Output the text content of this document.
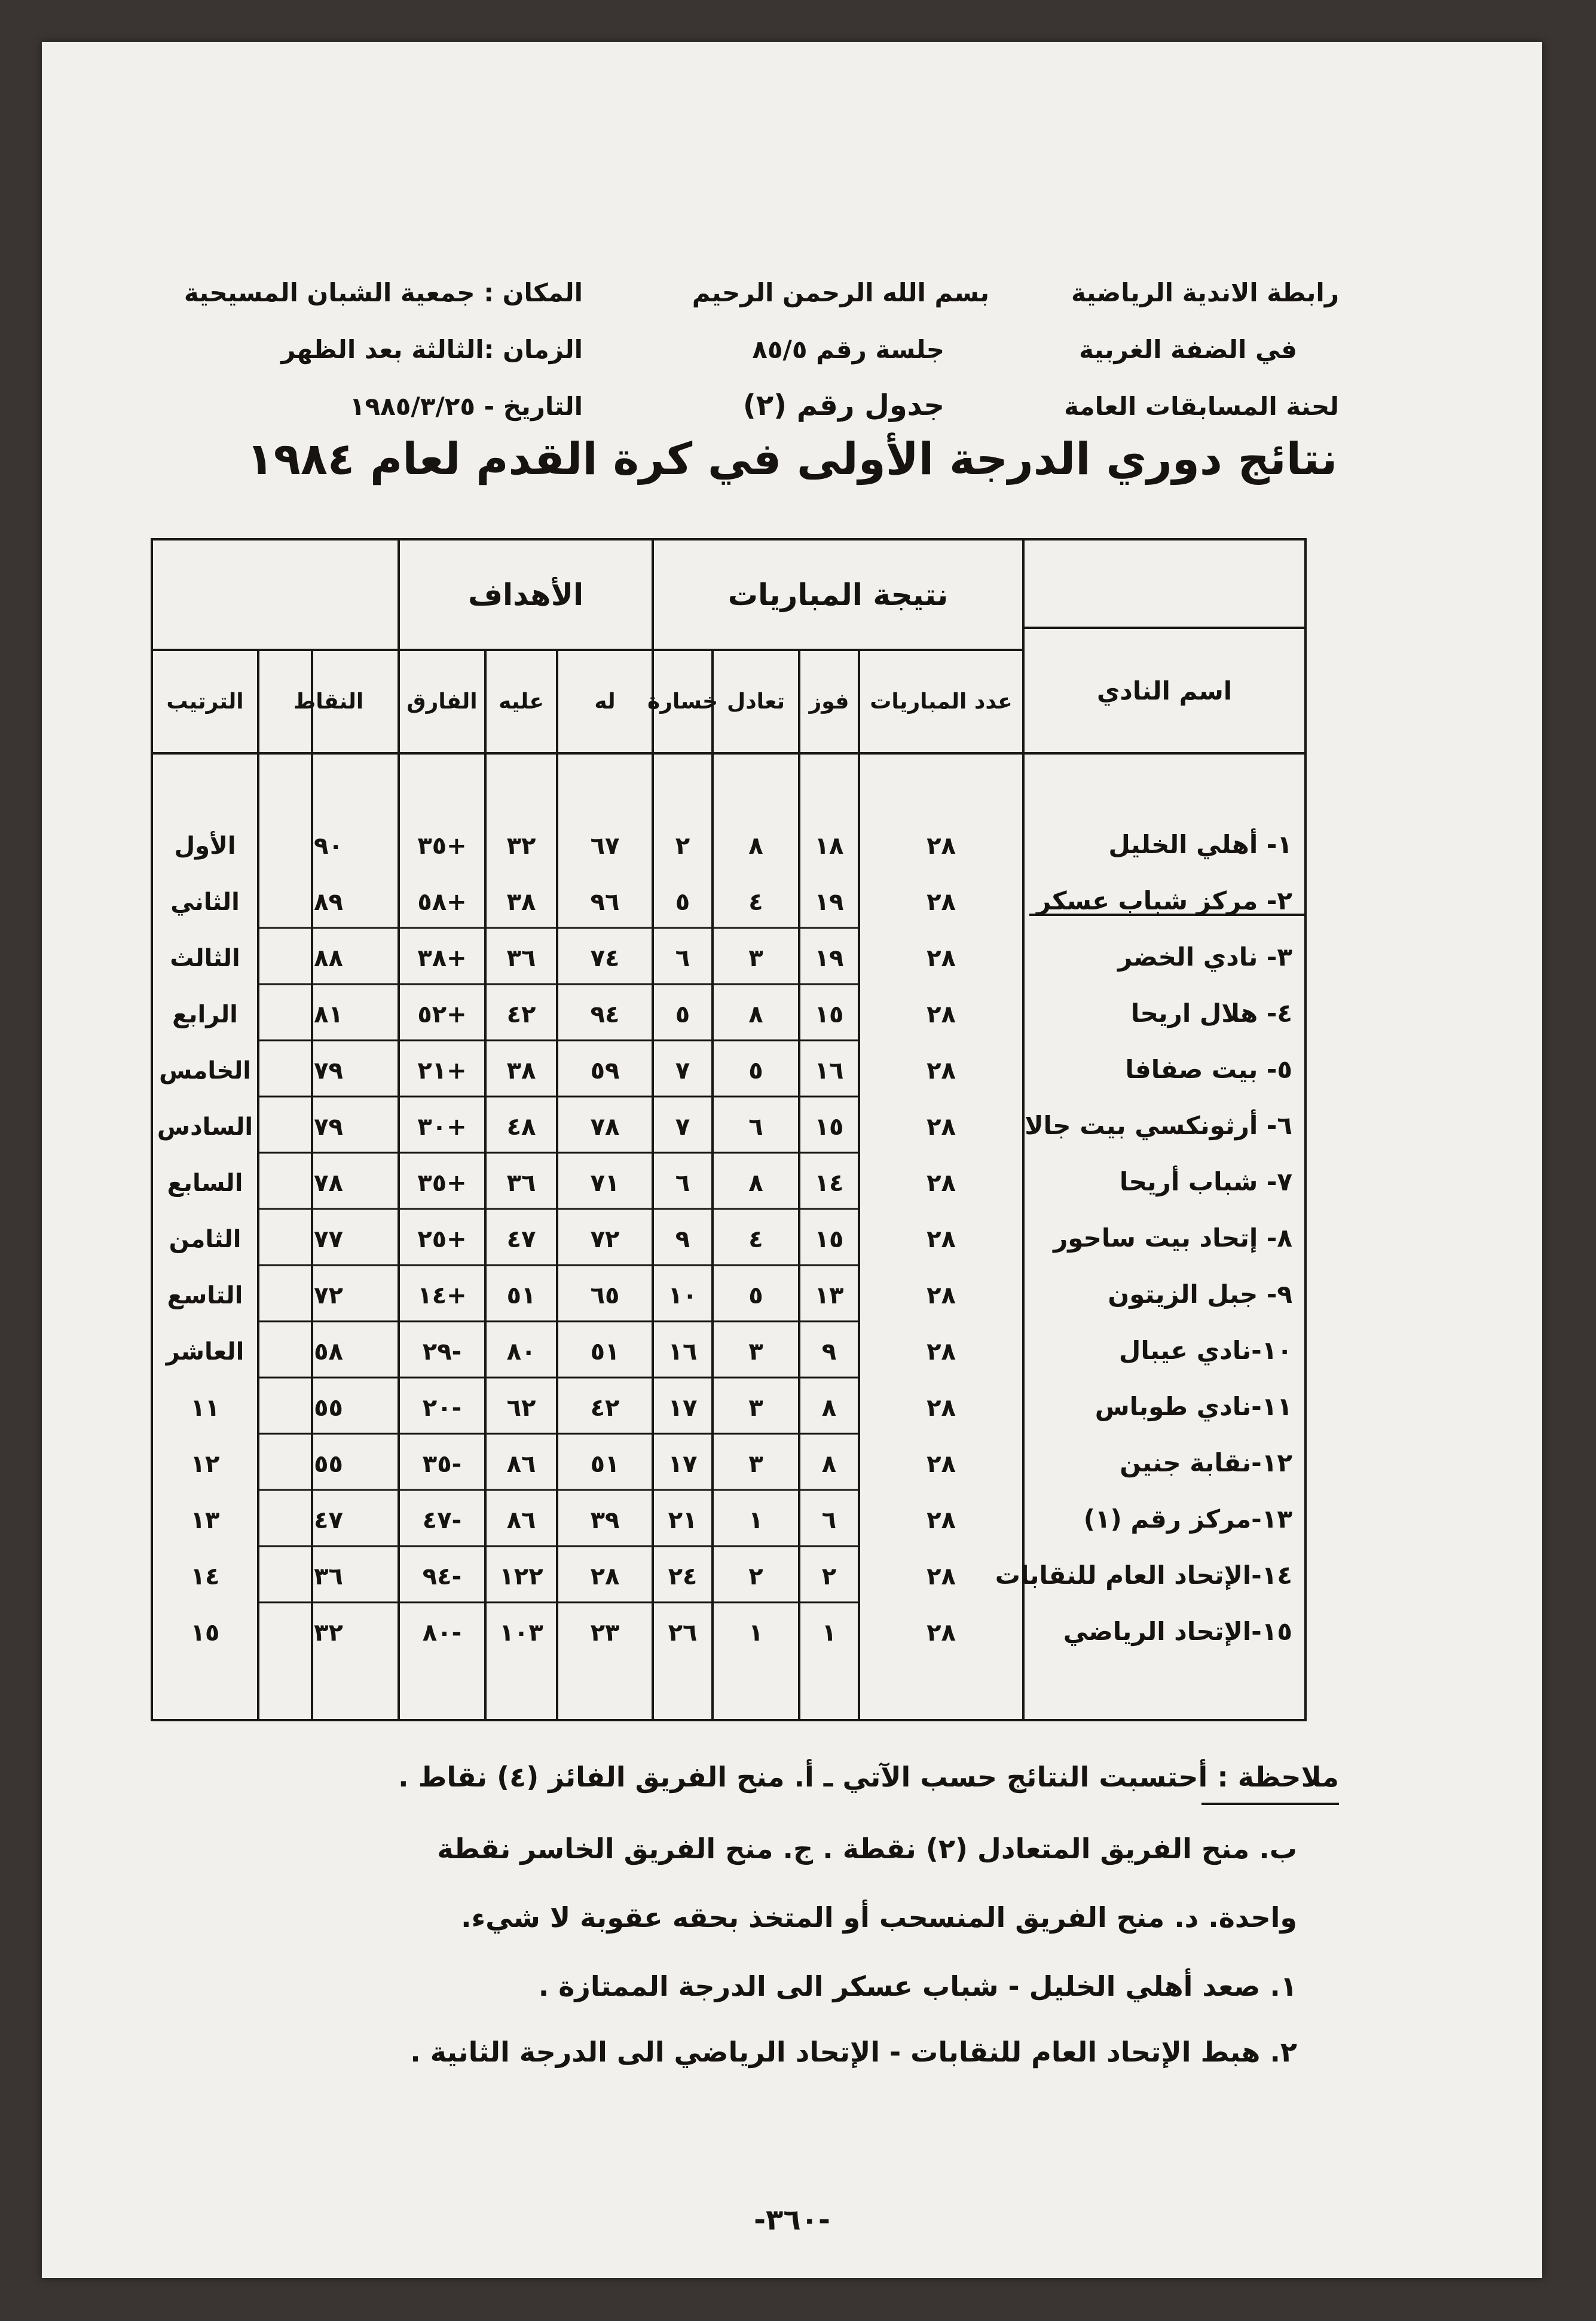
رابطة الاندية الرياضية
في الضفة الغربية
لحنة المسابقات العامة
بسم الله الرحمن الرحيم
جلسة رقم ٨٥/٥
جدول رقم (٢)
المكان : جمعية الشبان المسيحية
الزمان :الثالثة بعد الظهر
التاريخ - ١٩٨٥/٣/٢٥
نتائج دوري الدرجة الأولى في كرة القدم لعام ١٩٨٤
نتيجة المباريات
الأهداف
اسم النادي
عدد المباريات
فوز
تعادل
خسارة
له
عليه
الفارق
النقاط
الترتيب
١- أهلي الخليل
٢٨
١٨
٨
٢
٦٧
٣٢
+٣٥
٩٠
الأول
٢- مركز شباب عسكر
٢٨
١٩
٤
٥
٩٦
٣٨
+٥٨
٨٩
الثاني
٣- نادي الخضر
٢٨
١٩
٣
٦
٧٤
٣٦
+٣٨
٨٨
الثالث
٤- هلال اريحا
٢٨
١٥
٨
٥
٩٤
٤٢
+٥٢
٨١
الرابع
٥- بيت صفافا
٢٨
١٦
٥
٧
٥٩
٣٨
+٢١
٧٩
الخامس
٦- أرثونكسي بيت جالا
٢٨
١٥
٦
٧
٧٨
٤٨
+٣٠
٧٩
السادس
٧- شباب أريحا
٢٨
١٤
٨
٦
٧١
٣٦
+٣٥
٧٨
السابع
٨- إتحاد بيت ساحور
٢٨
١٥
٤
٩
٧٢
٤٧
+٢٥
٧٧
الثامن
٩- جبل الزيتون
٢٨
١٣
٥
١٠
٦٥
٥١
+١٤
٧٢
التاسع
١٠-نادي عيبال
٢٨
٩
٣
١٦
٥١
٨٠
-٢٩
٥٨
العاشر
١١-نادي طوباس
٢٨
٨
٣
١٧
٤٢
٦٢
-٢٠
٥٥
١١
١٢-نقابة جنين
٢٨
٨
٣
١٧
٥١
٨٦
-٣٥
٥٥
١٢
١٣-مركز رقم (١)
٢٨
٦
١
٢١
٣٩
٨٦
-٤٧
٤٧
١٣
١٤-الإتحاد العام للنقابات
٢٨
٢
٢
٢٤
٢٨
١٢٢
-٩٤
٣٦
١٤
١٥-الإتحاد الرياضي
٢٨
١
١
٢٦
٢٣
١٠٣
-٨٠
٣٢
١٥
ملاحظة : أحتسبت النتائج حسب الآتي ـ أ. منح الفريق الفائز (٤) نقاط .
ب. منح الفريق المتعادل (٢) نقطة . ج. منح الفريق الخاسر نقطة
واحدة. د. منح الفريق المنسحب أو المتخذ بحقه عقوبة لا شيء.
١. صعد أهلي الخليل - شباب عسكر الى الدرجة الممتازة .
٢. هبط الإتحاد العام للنقابات - الإتحاد الرياضي الى الدرجة الثانية .
-٣٦٠-
